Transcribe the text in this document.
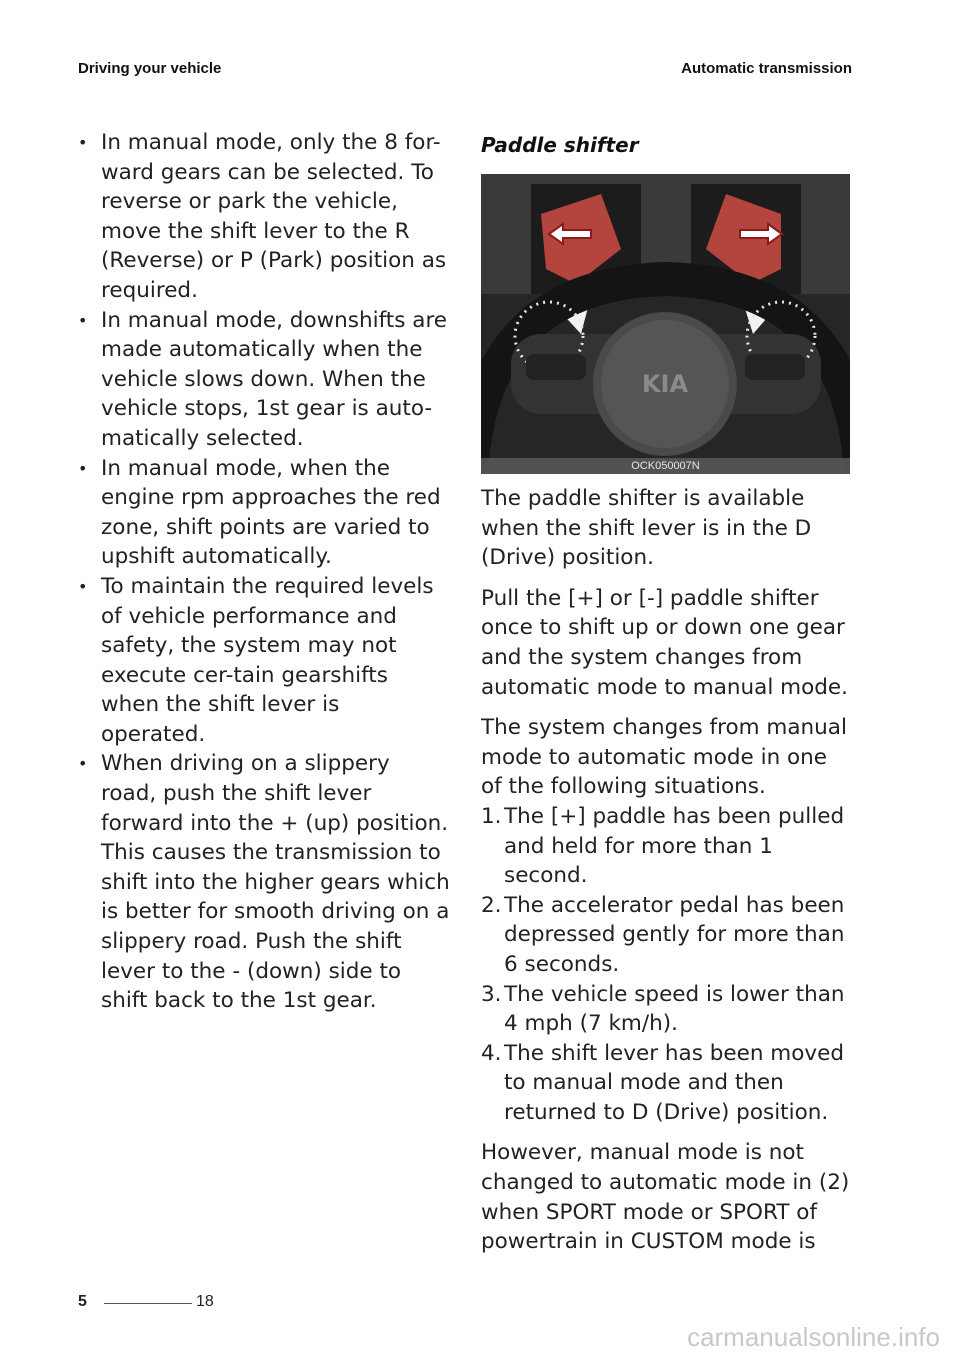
Driving your vehicle	Automatic transmission
• In manual mode, only the 8 for-ward gears can be selected. To reverse or park the vehicle, move the shift lever to the R (Reverse) or P (Park) position as required.
• In manual mode, downshifts are made automatically when the vehicle slows down. When the vehicle stops, 1st gear is auto-matically selected.
• In manual mode, when the engine rpm approaches the red zone, shift points are varied to upshift automatically.
• To maintain the required levels of vehicle performance and safety, the system may not execute cer-tain gearshifts when the shift lever is operated.
• When driving on a slippery road, push the shift lever forward into the + (up) position. This causes the transmission to shift into the higher gears which is better for smooth driving on a slippery road. Push the shift lever to the - (down) side to shift back to the 1st gear.
Paddle shifter
KIA
OCK050007N

The paddle shifter is available when the shift lever is in the D (Drive) position.

Pull the [+] or [-] paddle shifter once to shift up or down one gear and the system changes from automatic mode to manual mode.

The system changes from manual mode to automatic mode in one of the following situations.

1. The [+] paddle has been pulled and held for more than 1 second.
2. The accelerator pedal has been depressed gently for more than 6 seconds.
3. The vehicle speed is lower than 4 mph (7 km/h).
4. The shift lever has been moved to manual mode and then returned to D (Drive) position.

However, manual mode is not changed to automatic mode in (2) when SPORT mode or SPORT of powertrain in CUSTOM mode is

5	18
carmanualsonline.info
